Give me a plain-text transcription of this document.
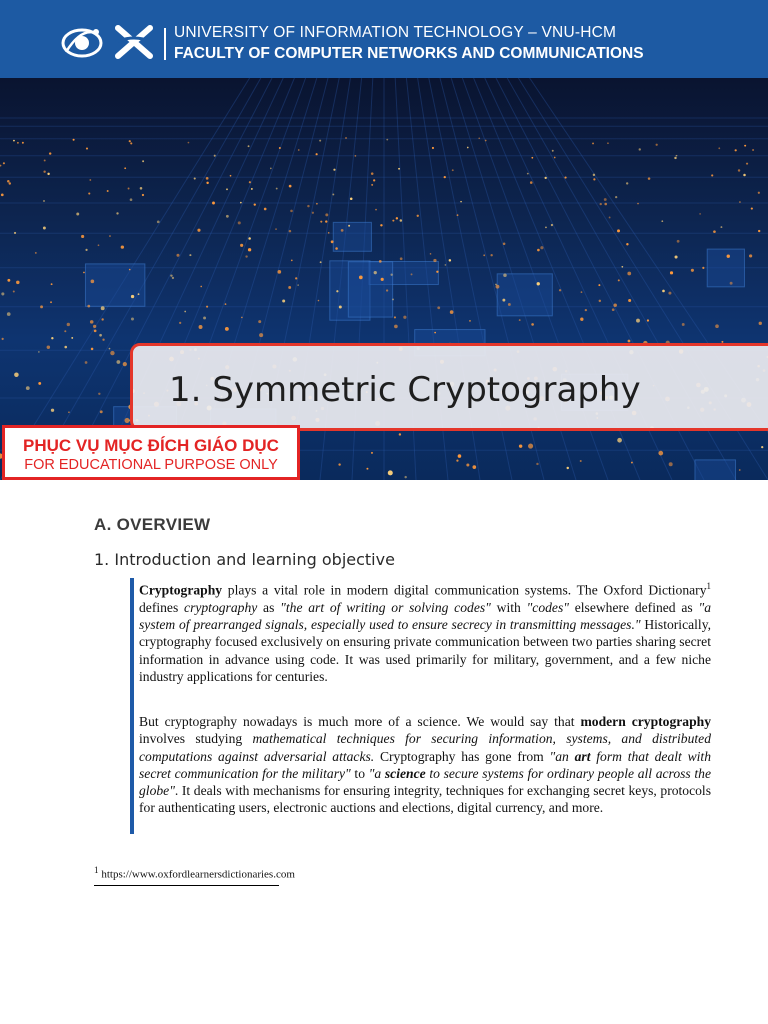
UNIVERSITY OF INFORMATION TECHNOLOGY – VNU-HCM
FACULTY OF COMPUTER NETWORKS AND COMMUNICATIONS
1. Symmetric Cryptography
PHỤC VỤ MỤC ĐÍCH GIÁO DỤC
FOR EDUCATIONAL PURPOSE ONLY
A. OVERVIEW
1. Introduction and learning objective
Cryptography plays a vital role in modern digital communication systems. The Oxford Dictionary$^1$ defines cryptography as "the art of writing or solving codes" with "codes" elsewhere defined as "a system of prearranged signals, especially used to ensure secrecy in transmitting messages." Historically, cryptography focused exclusively on ensuring private communication between two parties sharing secret information in advance using code. It was used primarily for military, government, and a few niche industry applications for centuries.
But cryptography nowadays is much more of a science. We would say that modern cryptography involves studying mathematical techniques for securing information, systems, and distributed computations against adversarial attacks. Cryptography has gone from "an art form that dealt with secret communication for the military" to "a science to secure systems for ordinary people all across the globe". It deals with mechanisms for ensuring integrity, techniques for exchanging secret keys, protocols for authenticating users, electronic auctions and elections, digital currency, and more.
$^1$ https://www.oxfordlearnersdictionaries.com
